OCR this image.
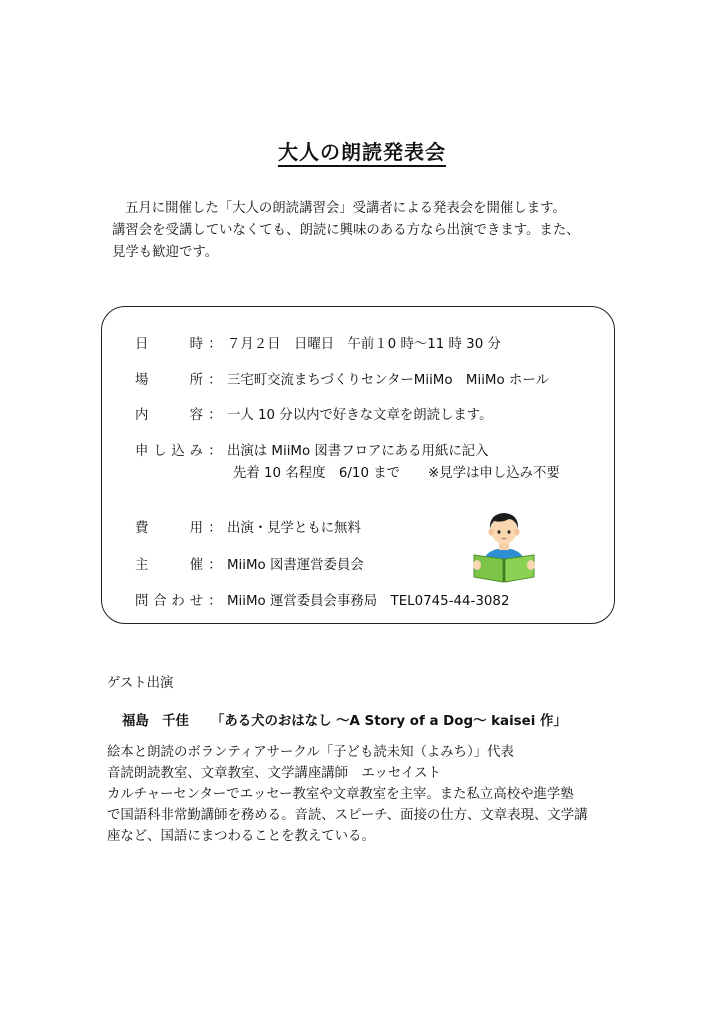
大人の朗読発表会

五月に開催した「大人の朗読講習会」受講者による発表会を開催します。

講習会を受講していなくても、朗読に興味のある方なら出演できます。また、

見学も歓迎です。

日時 ： ７月２日　日曜日　午前１0 時～11 時 30 分
場所 ： 三宅町交流まちづくりセンターMiiMo　MiiMo ホール
内容 ： 一人 10 分以内で好きな文章を朗読します。
申し込み ： 出演は MiiMo 図書フロアにある用紙に記入
先着 10 名程度　6/10 まで ※見学は申し込み不要
費用 ： 出演・見学ともに無料
主催 ： MiiMo 図書運営委員会
問合わせ ： MiiMo 運営委員会事務局　TEL0745-44-3082
ゲスト出演
福島　千佳 「ある犬のおはなし ～A Story of a Dog～ kaisei 作」

絵本と朗読のボランティアサークル「子ども読未知（よみち）」代表

音読朗読教室、文章教室、文学講座講師　エッセイスト

カルチャーセンターでエッセー教室や文章教室を主宰。また私立高校や進学塾

で国語科非常勤講師を務める。音読、スピーチ、面接の仕方、文章表現、文学講

座など、国語にまつわることを教えている。
